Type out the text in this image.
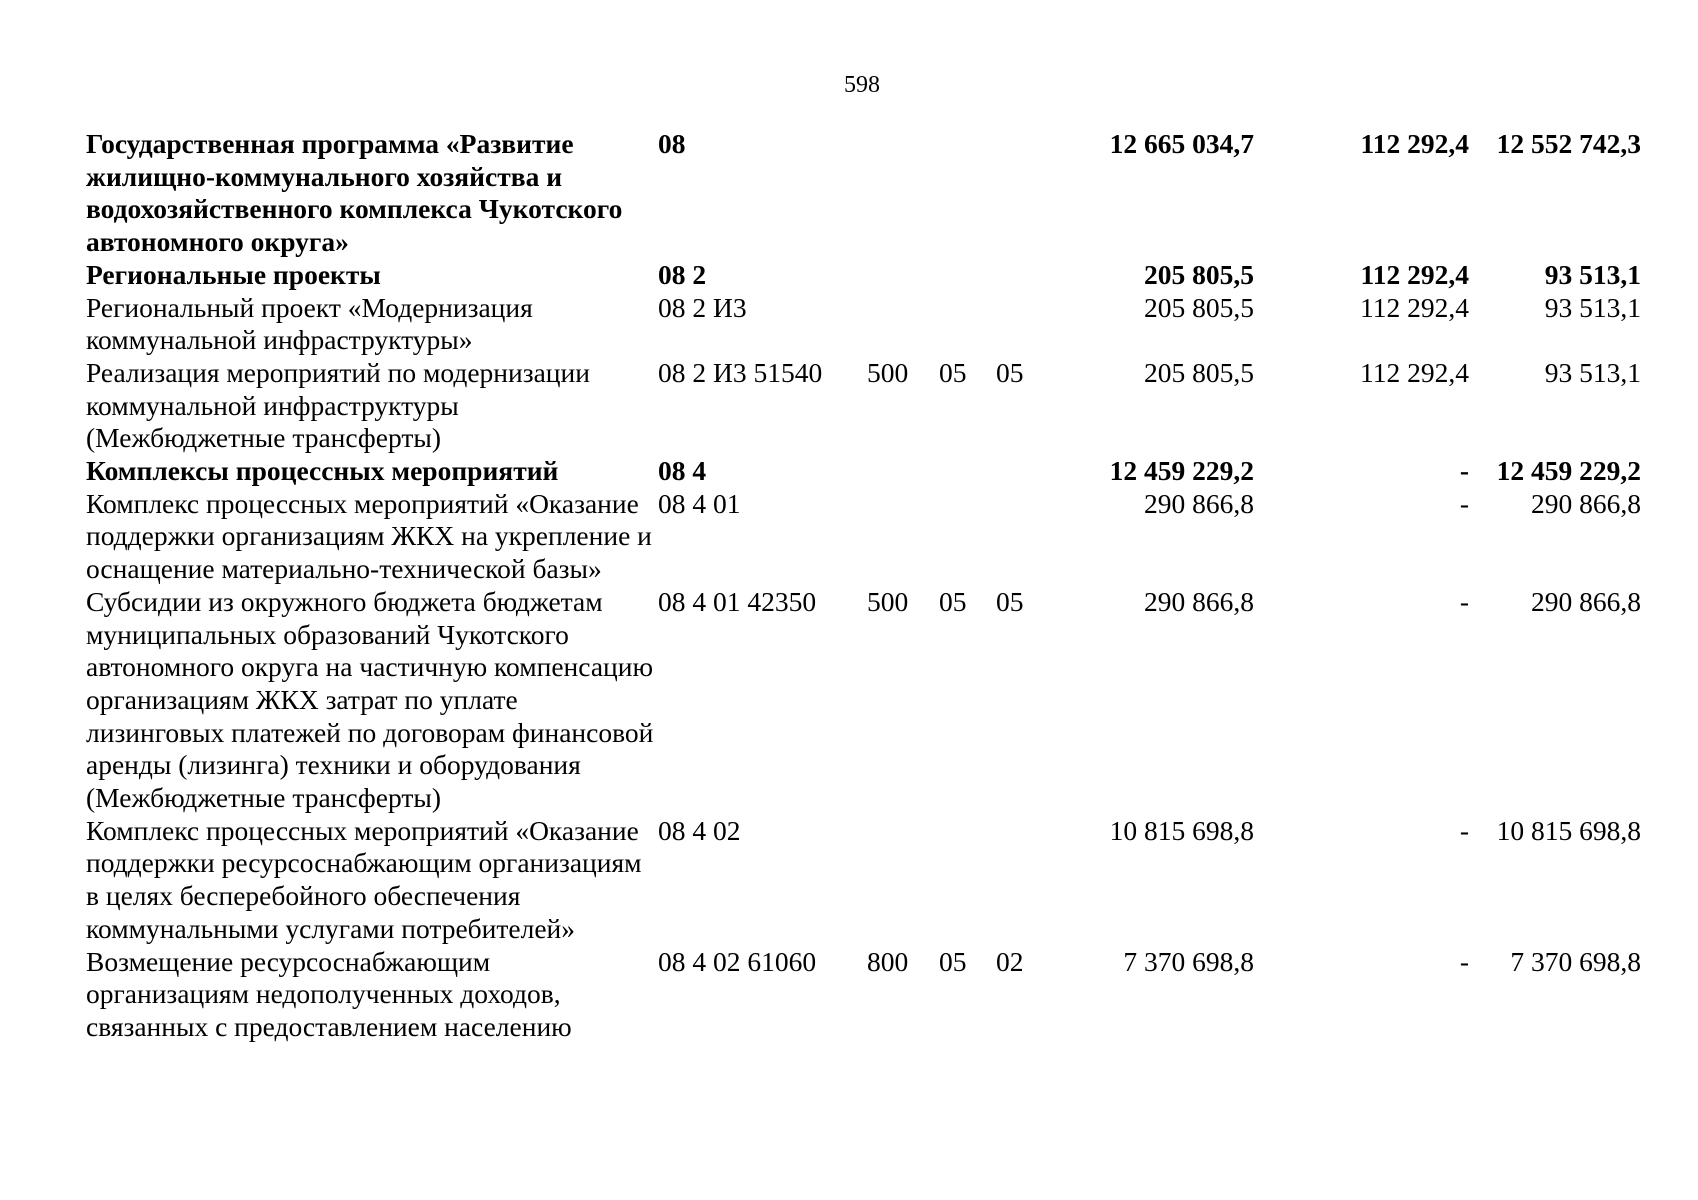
598
Государственная программа «Развитие жилищно-коммунального хозяйства и водохозяйственного комплекса Чукотского автономного округа»	08				12 665 034,7	112 292,4	12 552 742,3
Региональные проекты	08 2				205 805,5	112 292,4	93 513,1
Региональный проект «Модернизация коммунальной инфраструктуры»	08 2 И3				205 805,5	112 292,4	93 513,1
Реализация мероприятий по модернизации коммунальной инфраструктуры (Межбюджетные трансферты)	08 2 И3 51540	500	05	05	205 805,5	112 292,4	93 513,1
Комплексы процессных мероприятий	08 4				12 459 229,2	-	12 459 229,2
Комплекс процессных мероприятий «Оказание поддержки организациям ЖКХ на укрепление и оснащение материально-технической базы»	08 4 01				290 866,8	-	290 866,8
Субсидии из окружного бюджета бюджетам муниципальных образований Чукотского автономного округа на частичную компенсацию организациям ЖКХ затрат по уплате лизинговых платежей по договорам финансовой аренды (лизинга) техники и оборудования (Межбюджетные трансферты)	08 4 01 42350	500	05	05	290 866,8	-	290 866,8
Комплекс процессных мероприятий «Оказание поддержки ресурсоснабжающим организациям в целях бесперебойного обеспечения коммунальными услугами потребителей»	08 4 02				10 815 698,8	-	10 815 698,8
Возмещение ресурсоснабжающим организациям недополученных доходов, связанных с предоставлением населению	08 4 02 61060	800	05	02	7 370 698,8	-	7 370 698,8
